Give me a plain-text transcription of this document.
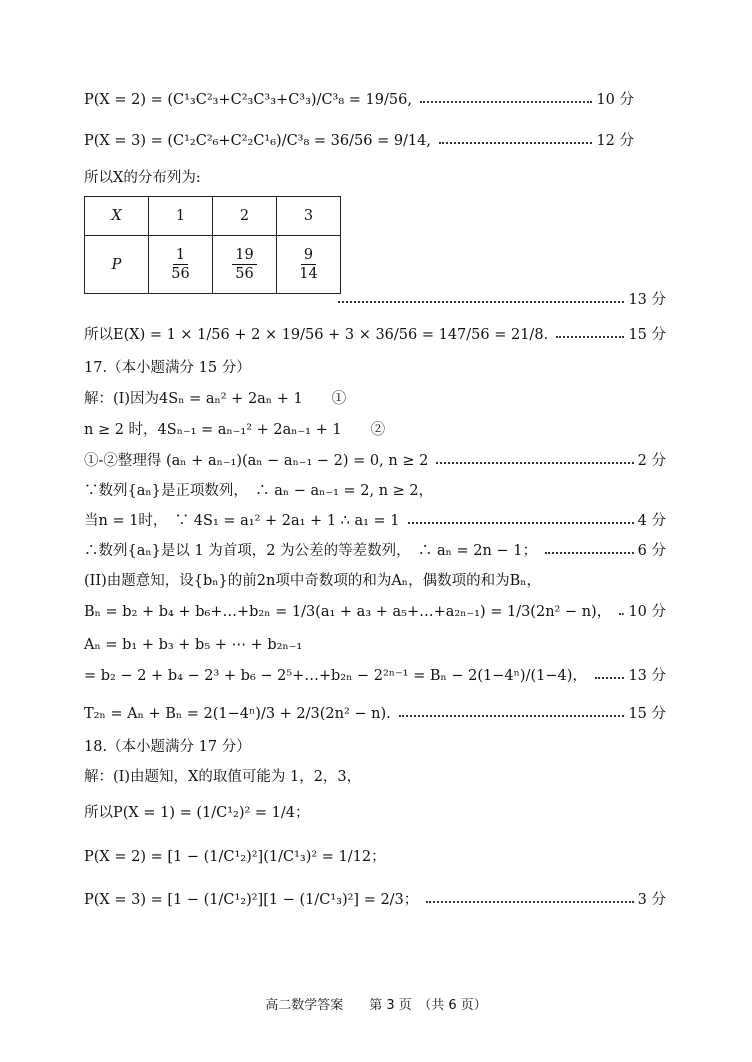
P(X = 2) = (C¹₃C²₃+C²₃C³₃+C³₃)/C³₈ = 19/56,	10 分
P(X = 3) = (C¹₂C²₆+C²₂C¹₆)/C³₈ = 36/56 = 9/14,	12 分
所以X的分布列为:
X	1	2	3
P	$\frac{1}{56}$	$\frac{19}{56}$	$\frac{9}{14}$
13 分
所以E(X) = 1 × 1/56 + 2 × 19/56 + 3 × 36/56 = 147/56 = 21/8.	15 分
17.（本小题满分 15 分）
解：(I)因为4Sₙ = aₙ² + 2aₙ + 1　　①
n ≥ 2 时，4Sₙ₋₁ = aₙ₋₁² + 2aₙ₋₁ + 1　　②
①-②整理得 (aₙ + aₙ₋₁)(aₙ − aₙ₋₁ − 2) = 0, n ≥ 2	2 分
∵数列{aₙ}是正项数列，　∴ aₙ − aₙ₋₁ = 2, n ≥ 2，
当n = 1时，　∵ 4S₁ = a₁² + 2a₁ + 1 ∴ a₁ = 1	4 分
∴数列{aₙ}是以 1 为首项，2 为公差的等差数列，　∴ aₙ = 2n − 1；	6 分
(II)由题意知，设{bₙ}的前2n项中奇数项的和为Aₙ，偶数项的和为Bₙ，
Bₙ = b₂ + b₄ + b₆+…+b₂ₙ = 1/3(a₁ + a₃ + a₅+…+a₂ₙ₋₁) = 1/3(2n² − n)， 10 分
Aₙ = b₁ + b₃ + b₅ + ⋯ + b₂ₙ₋₁
= b₂ − 2 + b₄ − 2³ + b₆ − 2⁵+…+b₂ₙ − 2²ⁿ⁻¹ = Bₙ − 2(1−4ⁿ)/(1−4)，	13 分
T₂ₙ = Aₙ + Bₙ = 2(1−4ⁿ)/3 + 2/3(2n² − n).	15 分
18.（本小题满分 17 分）
解：(I)由题知，X的取值可能为 1，2，3，
所以P(X = 1) = (1/C¹₂)² = 1/4；
P(X = 2) = [1 − (1/C¹₂)²](1/C¹₃)² = 1/12；
P(X = 3) = [1 − (1/C¹₂)²][1 − (1/C¹₃)²] = 2/3；	3 分
高二数学答案　　第 3 页　（共 6 页）
